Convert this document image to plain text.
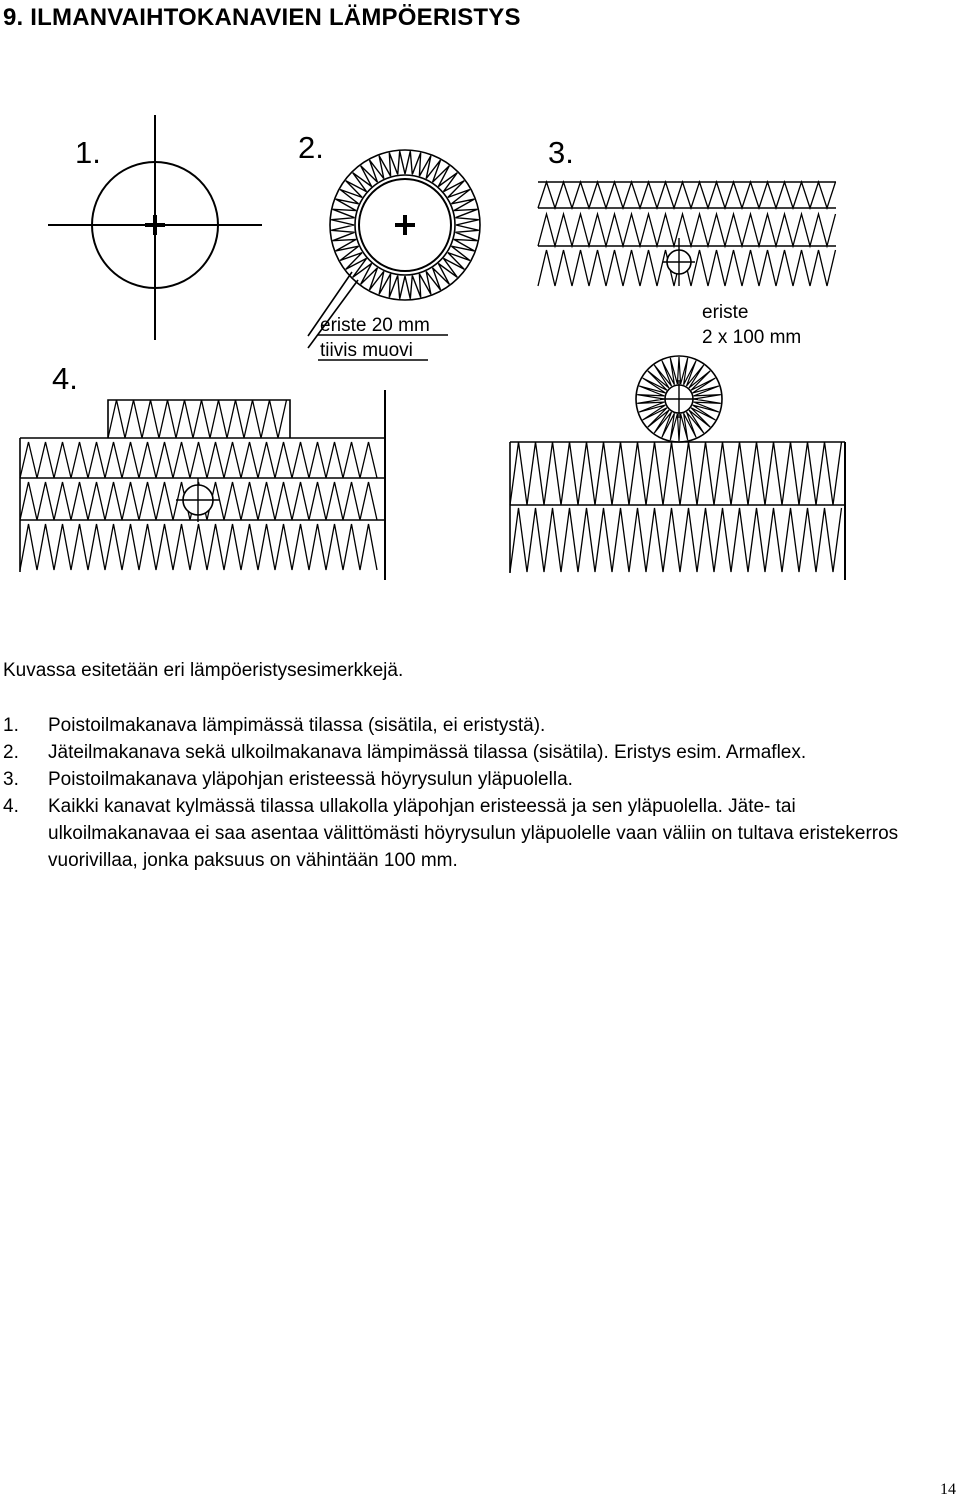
9. ILMANVAIHTOKANAVIEN LÄMPÖERISTYS
1.	2.	3.
4.
eriste 20 mm
tiivis muovi
eriste
2 x 100 mm

Kuvassa esitetään eri lämpöeristysesimerkkejä.

1. Poistoilmakanava lämpimässä tilassa (sisätila, ei eristystä).
2. Jäteilmakanava sekä ulkoilmakanava lämpimässä tilassa (sisätila). Eristys esim. Armaflex.
3. Poistoilmakanava yläpohjan eristeessä höyrysulun yläpuolella.
4. Kaikki kanavat kylmässä tilassa ullakolla yläpohjan eristeessä ja sen yläpuolella. Jäte- tai ulkoilmakanavaa ei saa asentaa välittömästi höyrysulun yläpuolelle vaan väliin on tultava eristekerros vuorivillaa, jonka paksuus on vähintään 100 mm.
14
